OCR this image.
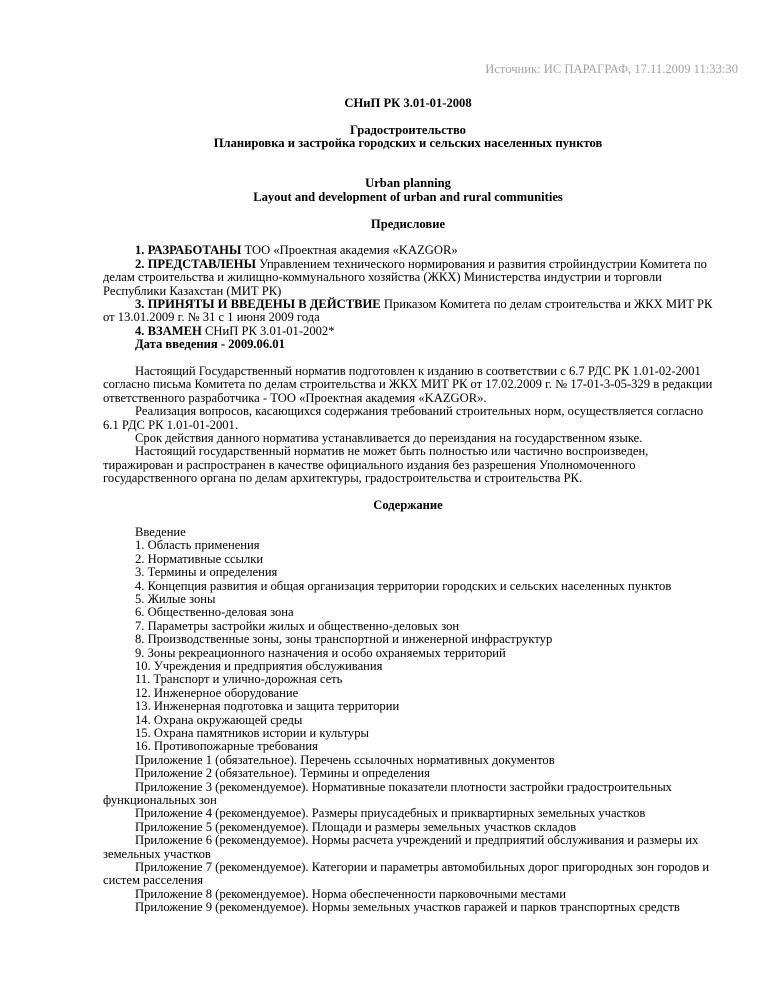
Источник: ИС ПАРАГРАФ, 17.11.2009 11:33:30
СНиП РК 3.01-01-2008
Градостроительство
Планировка и застройка городских и сельских населенных пунктов
Urban planning
Layout and development of urban and rural communities
Предисловие

1. РАЗРАБОТАНЫ ТОО «Проектная академия «KAZGOR»

2. ПРЕДСТАВЛЕНЫ Управлением технического нормирования и развития стройиндустрии Комитета по делам строительства и жилищно-коммунального хозяйства (ЖКХ) Министерства индустрии и торговли Республики Казахстан (МИТ РК)

3. ПРИНЯТЫ И ВВЕДЕНЫ В ДЕЙСТВИЕ Приказом Комитета по делам строительства и ЖКХ МИТ РК от 13.01.2009 г. № 31 с 1 июня 2009 года

4. ВЗАМЕН СНиП РК 3.01-01-2002*

Дата введения - 2009.06.01

Настоящий Государственный норматив подготовлен к изданию в соответствии с 6.7 РДС РК 1.01-02-2001 согласно письма Комитета по делам строительства и ЖКХ МИТ РК от 17.02.2009 г. № 17-01-3-05-329 в редакции ответственного разработчика - ТОО «Проектная академия «KAZGOR».

Реализация вопросов, касающихся содержания требований строительных норм, осуществляется согласно 6.1 РДС РК 1.01-01-2001.

Срок действия данного норматива устанавливается до переиздания на государственном языке.

Настоящий государственный норматив не может быть полностью или частично воспроизведен, тиражирован и распространен в качестве официального издания без разрешения Уполномоченного государственного органа по делам архитектуры, градостроительства и строительства РК.

Содержание

Введение

1. Область применения

2. Нормативные ссылки

3. Термины и определения

4. Концепция развития и общая организация территории городских и сельских населенных пунктов

5. Жилые зоны

6. Общественно-деловая зона

7. Параметры застройки жилых и общественно-деловых зон

8. Производственные зоны, зоны транспортной и инженерной инфраструктур

9. Зоны рекреационного назначения и особо охраняемых территорий

10. Учреждения и предприятия обслуживания

11. Транспорт и улично-дорожная сеть

12. Инженерное оборудование

13. Инженерная подготовка и защита территории

14. Охрана окружающей среды

15. Охрана памятников истории и культуры

16. Противопожарные требования

Приложение 1 (обязательное). Перечень ссылочных нормативных документов

Приложение 2 (обязательное). Термины и определения

Приложение 3 (рекомендуемое). Нормативные показатели плотности застройки градостроительных функциональных зон

Приложение 4 (рекомендуемое). Размеры приусадебных и приквартирных земельных участков

Приложение 5 (рекомендуемое). Площади и размеры земельных участков складов

Приложение 6 (рекомендуемое). Нормы расчета учреждений и предприятий обслуживания и размеры их земельных участков

Приложение 7 (рекомендуемое). Категории и параметры автомобильных дорог пригородных зон городов и систем расселения

Приложение 8 (рекомендуемое). Норма обеспеченности парковочными местами

Приложение 9 (рекомендуемое). Нормы земельных участков гаражей и парков транспортных средств
